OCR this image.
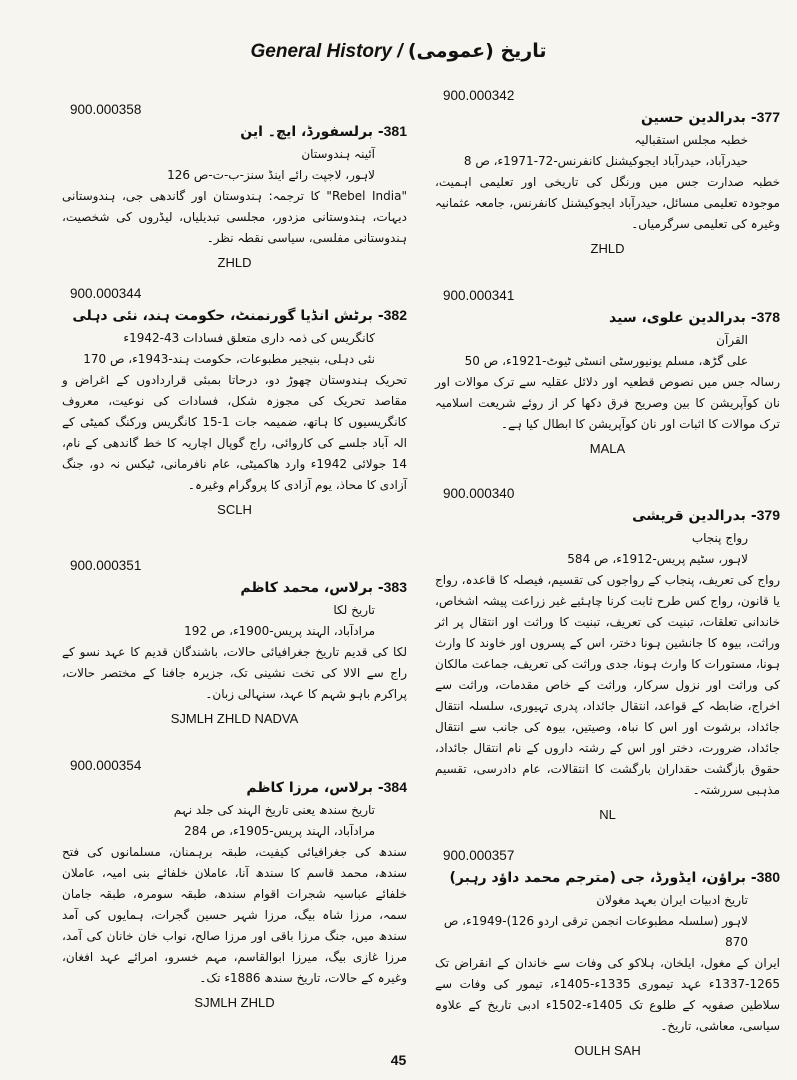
General History / تاریخ (عمومی)
900.000342
377- بدرالدین حسین
خطبہ مجلس استقبالیہ
حیدرآباد، حیدرآباد ایجوکیشنل کانفرنس-72-1971ء، ص 8
خطبہ صدارت جس میں ورنگل کی تاریخی اور تعلیمی اہمیت، موجودہ تعلیمی مسائل، حیدرآباد ایجوکیشنل کانفرنس، جامعہ عثمانیہ وغیرہ کی تعلیمی سرگرمیاں۔
ZHLD
900.000341
378- بدرالدین علوی، سید
القرآن
علی گڑھ، مسلم یونیورسٹی انسٹی ٹیوٹ-1921ء، ص 50
رسالہ جس میں نصوص قطعیہ اور دلائل عقلیہ سے ترک موالات اور نان کوآپریشن کا بین وصریح فرق دکھا کر از روئے شریعت اسلامیہ ترک موالات کا اثبات اور نان کوآپریشن کا ابطال کیا ہے۔
MALA
900.000340
379- بدرالدین قریشی
رواج پنجاب
لاہور، سٹیم پریس-1912ء، ص 584
رواج کی تعریف، پنجاب کے رواجوں کی تقسیم، فیصلہ کا قاعدہ، رواج یا قانون، رواج کس طرح ثابت کرنا چاہئیے غیر زراعت پیشہ اشخاص، خاندانی تعلقات، تبنیت کی تعریف، تبنیت کا وراثت اور انتقال پر اثر وراثت، بیوہ کا جانشین ہونا دختر، اس کے پسروں اور خاوند کا وارث ہونا، مستورات کا وارث ہونا، جدی وراثت کی تعریف، جماعت مالکان کی وراثت اور نزول سرکار، وراثت کے خاص مقدمات، وراثت سے اخراج، ضابطہ کے قواعد، انتقال جائداد، پدری تہیوری، سلسلہ انتقال جائداد، برشوت اور اس کا نباہ، وصیتیں، بیوہ کی جانب سے انتقال جائداد، ضرورت، دختر اور اس کے رشتہ داروں کے نام انتقال جائداد، حقوق بازگشت حقداران بارگشت کا انتقالات، عام دادرسی، تقسیم مذہبی سررشتہ۔
NL
900.000357
380- براؤن، ایڈورڈ، جی (مترجم محمد داؤد رہبر)
تاریخ ادبیات ایران بعہد مغولان
لاہور (سلسلہ مطبوعات انجمن ترقی اردو 126)-1949ء، ص 870
ایران کے مغول، ایلخان، ہلاکو کی وفات سے خاندان کے انقراض تک 1265-1337ء عہد تیموری 1335ء-1405ء، تیمور کی وفات سے سلاطین صفویہ کے طلوع تک 1405ء-1502ء ادبی تاریخ کے علاوہ سیاسی، معاشی، تاریخ۔
OULH SAH
900.000358
381- برلسفورڈ، ایچ۔ این
آئینہ ہندوستان
لاہور، لاجپت رائے اینڈ سنز-ب-ت-ص 126
"Rebel India" کا ترجمہ: ہندوستان اور گاندھی جی، ہندوستانی دیہات، ہندوستانی مزدور، مجلسی تبدیلیاں، لیڈروں کی شخصیت، ہندوستانی مفلسی، سیاسی نقطہ نظر۔
ZHLD
900.000344
382- برٹش انڈیا گورنمنٹ، حکومت ہند، نئی دہلی
کانگریس کی ذمہ داری متعلق فسادات 43-1942ء
نئی دہلی، بنیجیر مطبوعات، حکومت ہند-1943ء، ص 170
تحریک ہندوستان چھوڑ دو، درحاتا بمبئی قراردادوں کے اغراض و مقاصد تحریک کی مجوزہ شکل، فسادات کی نوعیت، معروف کانگریسیوں کا ہاتھ، ضمیمہ جات 1-15 کانگریس ورکنگ کمیٹی کے الہ آباد جلسے کی کاروائی، راج گوپال اچاریہ کا خط گاندھی کے نام، 14 جولائی 1942ء وارد ھاکمیٹی، عام نافرمانی، ٹیکس نہ دو، جنگ آزادی کا محاذ، یوم آزادی کا پروگرام وغیرہ۔
SCLH
900.000351
383- برلاس، محمد کاظم
تاریخ لکا
مرادآباد، الہند پریس-1900ء، ص 192
لکا کی قدیم تاریخ جغرافیائی حالات، باشندگان قدیم کا عہد نسو کے راج سے الالا کی تخت نشینی تک، جزیرہ جافنا کے مختصر حالات، پراکرم باہو شہم کا عہد، سنہالی زبان۔
SJMLH ZHLD NADVA
900.000354
384- برلاس، مرزا کاظم
تاریخ سندھ یعنی تاریخ الہند کی جلد نہم
مرادآباد، الہند پریس-1905ء، ص 284
سندھ کی جغرافیائی کیفیت، طبقہ برہمنان، مسلمانوں کی فتح سندھ، محمد قاسم کا سندھ آنا، عاملان خلفائے بنی امیہ، عاملان خلفائے عباسیہ شجرات اقوام سندھ، طبقہ سومرہ، طبقہ جامان سمہ، مرزا شاہ بیگ، مرزا شہر حسین گجرات، ہمایوں کی آمد سندھ میں، جنگ مرزا باقی اور مرزا صالح، نواب خان خانان کی آمد، مرزا غازی بیگ، میرزا ابوالقاسم، مہم خسرو، امرائے عہد افغان، وغیرہ کے حالات، تاریخ سندھ 1886ء تک۔
SJMLH ZHLD
45
